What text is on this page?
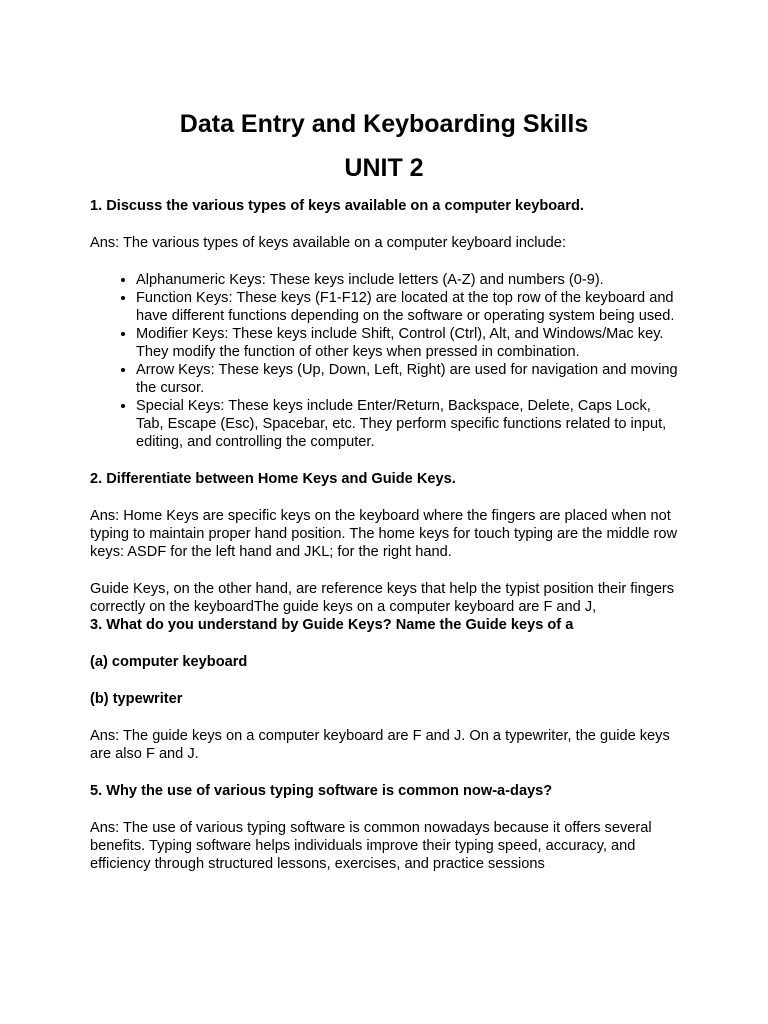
Data Entry and Keyboarding Skills
UNIT 2

1. Discuss the various types of keys available on a computer keyboard.

Ans: The various types of keys available on a computer keyboard include:

• Alphanumeric Keys: These keys include letters (A-Z) and numbers (0-9).
• Function Keys: These keys (F1-F12) are located at the top row of the keyboard and have different functions depending on the software or operating system being used.
• Modifier Keys: These keys include Shift, Control (Ctrl), Alt, and Windows/Mac key. They modify the function of other keys when pressed in combination.
• Arrow Keys: These keys (Up, Down, Left, Right) are used for navigation and moving the cursor.
• Special Keys: These keys include Enter/Return, Backspace, Delete, Caps Lock, Tab, Escape (Esc), Spacebar, etc. They perform specific functions related to input, editing, and controlling the computer.

2. Differentiate between Home Keys and Guide Keys.

Ans: Home Keys are specific keys on the keyboard where the fingers are placed when not typing to maintain proper hand position. The home keys for touch typing are the middle row keys: ASDF for the left hand and JKL; for the right hand.

Guide Keys, on the other hand, are reference keys that help the typist position their fingers correctly on the keyboardThe guide keys on a computer keyboard are F and J,

3. What do you understand by Guide Keys? Name the Guide keys of a

(a) computer keyboard

(b) typewriter

Ans: The guide keys on a computer keyboard are F and J. On a typewriter, the guide keys are also F and J.

5. Why the use of various typing software is common now-a-days?

Ans: The use of various typing software is common nowadays because it offers several benefits. Typing software helps individuals improve their typing speed, accuracy, and efficiency through structured lessons, exercises, and practice sessions
